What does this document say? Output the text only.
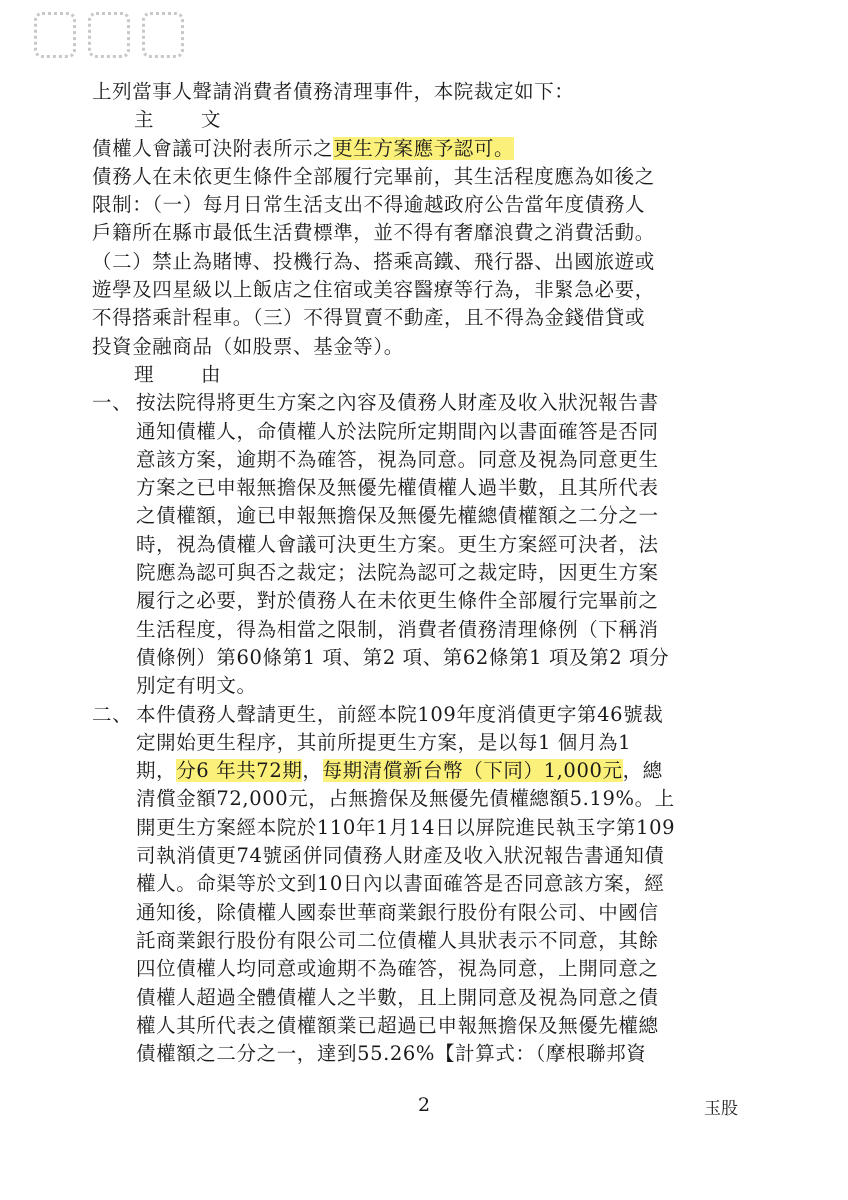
上列當事人聲請消費者債務清理事件，本院裁定如下：
主　文
債權人會議可決附表所示之更生方案應予認可。
債務人在未依更生條件全部履行完畢前，其生活程度應為如後之
限制：（一）每月日常生活支出不得逾越政府公告當年度債務人
戶籍所在縣市最低生活費標準，並不得有奢靡浪費之消費活動。
（二）禁止為賭博、投機行為、搭乘高鐵、飛行器、出國旅遊或
遊學及四星級以上飯店之住宿或美容醫療等行為，非緊急必要，
不得搭乘計程車。（三）不得買賣不動產，且不得為金錢借貸或
投資金融商品（如股票、基金等）。
理　由
一、 按法院得將更生方案之內容及債務人財產及收入狀況報告書
通知債權人，命債權人於法院所定期間內以書面確答是否同
意該方案，逾期不為確答，視為同意。同意及視為同意更生
方案之已申報無擔保及無優先權債權人過半數，且其所代表
之債權額，逾已申報無擔保及無優先權總債權額之二分之一
時，視為債權人會議可決更生方案。更生方案經可決者，法
院應為認可與否之裁定；法院為認可之裁定時，因更生方案
履行之必要，對於債務人在未依更生條件全部履行完畢前之
生活程度，得為相當之限制，消費者債務清理條例（下稱消
債條例）第60條第1 項、第2 項、第62條第1 項及第2 項分
別定有明文。
二、 本件債務人聲請更生，前經本院109年度消債更字第46號裁
定開始更生程序，其前所提更生方案，是以每1 個月為1
期，分6 年共72期，每期清償新台幣（下同）1,000元，總
清償金額72,000元，占無擔保及無優先債權總額5.19%。上
開更生方案經本院於110年1月14日以屏院進民執玉字第109
司執消債更74號函併同債務人財產及收入狀況報告書通知債
權人。命渠等於文到10日內以書面確答是否同意該方案，經
通知後，除債權人國泰世華商業銀行股份有限公司、中國信
託商業銀行股份有限公司二位債權人具狀表示不同意，其餘
四位債權人均同意或逾期不為確答，視為同意，上開同意之
債權人超過全體債權人之半數，且上開同意及視為同意之債
權人其所代表之債權額業已超過已申報無擔保及無優先權總
債權額之二分之一，達到55.26%【計算式：（摩根聯邦資
2	玉股
